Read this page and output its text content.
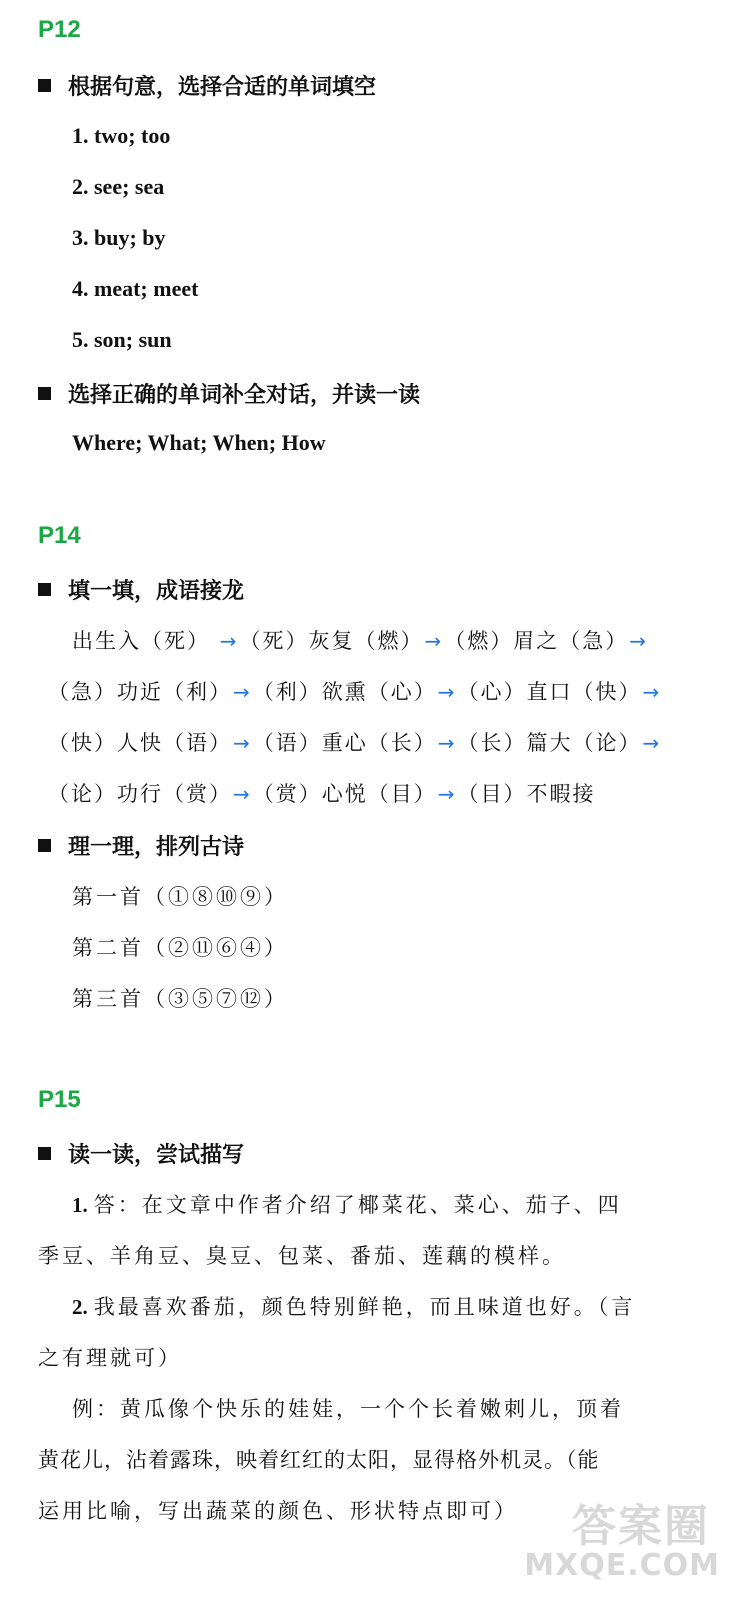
P12
根据句意，选择合适的单词填空
1. two; too
2. see; sea
3. buy; by
4. meat; meet
5. son; sun
选择正确的单词补全对话，并读一读
Where; What; When; How
P14
填一填，成语接龙
出生入（死） →（死）灰复（燃）→（燃）眉之（急）→
（急）功近（利）→（利）欲熏（心）→（心）直口（快）→
（快）人快（语）→（语）重心（长）→（长）篇大（论）→
（论）功行（赏）→（赏）心悦（目）→（目）不暇接
理一理，排列古诗
第一首（①⑧⑩⑨）
第二首（②⑪⑥④）
第三首（③⑤⑦⑫）
P15
读一读，尝试描写
1. 答：在文章中作者介绍了椰菜花、菜心、茄子、四
季豆、羊角豆、臭豆、包菜、番茄、莲藕的模样。
2. 我最喜欢番茄，颜色特别鲜艳，而且味道也好。（言
之有理就可）
例：黄瓜像个快乐的娃娃，一个个长着嫩刺儿，顶着
黄花儿，沾着露珠，映着红红的太阳，显得格外机灵。（能
运用比喻，写出蔬菜的颜色、形状特点即可） 答案圈
MXQE.COM
